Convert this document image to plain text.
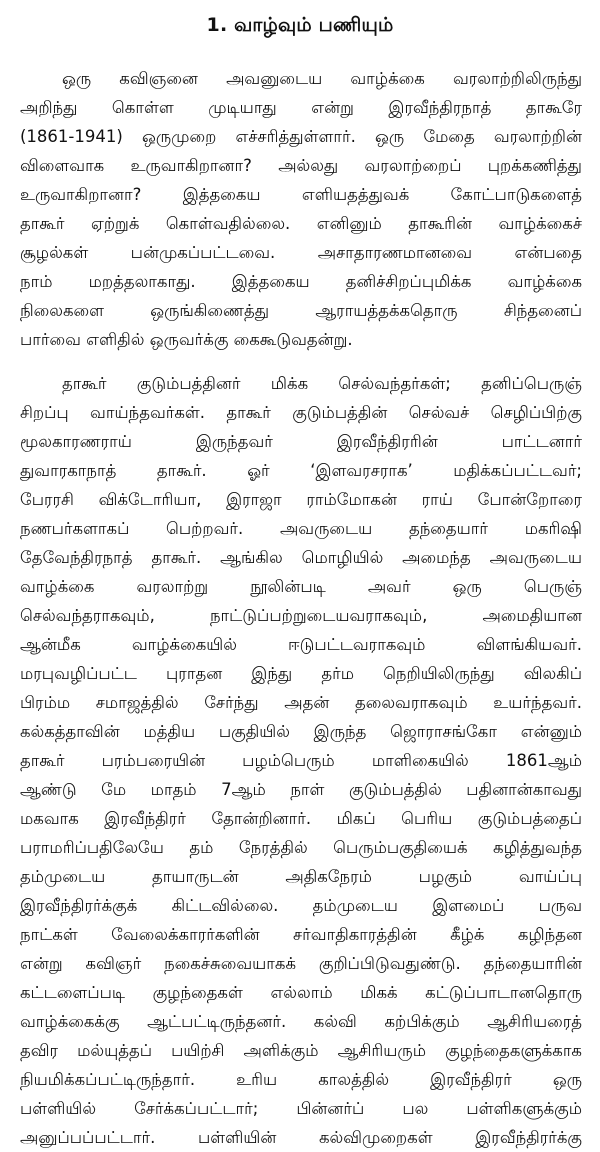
1. வாழ்வும் பணியும்
ஒரு கவிஞனை அவனுடைய வாழ்க்கை வரலாற்றிலிருந்து
அறிந்து கொள்ள முடியாது என்று இரவீந்திரநாத் தாகூரே
(1861-1941) ஒருமுறை எச்சரித்துள்ளார். ஒரு மேதை வரலாற்றின்
விளைவாக உருவாகிறானா? அல்லது வரலாற்றைப் புறக்கணித்து
உருவாகிறானா? இத்தகைய எளியதத்துவக் கோட்பாடுகளைத்
தாகூர் ஏற்றுக் கொள்வதில்லை. எனினும் தாகூரின் வாழ்க்கைச்
சூழல்கள் பன்முகப்பட்டவை. அசாதாரணமானவை என்பதை
நாம் மறத்தலாகாது. இத்தகைய தனிச்சிறப்புமிக்க வாழ்க்கை
நிலைகளை ஒருங்கிணைத்து ஆராயத்தக்கதொரு சிந்தனைப்
பார்வை எளிதில் ஒருவர்க்கு கைகூடுவதன்று.
தாகூர் குடும்பத்தினர் மிக்க செல்வந்தர்கள்; தனிப்பெருஞ்
சிறப்பு வாய்ந்தவர்கள். தாகூர் குடும்பத்தின் செல்வச் செழிப்பிற்கு
மூலகாரணராய் இருந்தவர் இரவீந்திரரின் பாட்டனார்
துவாரகாநாத் தாகூர். ஓர் ‘இளவரசராக’ மதிக்கப்பட்டவர்;
பேரரசி விக்டோரியா, இராஜா ராம்மோகன் ராய் போன்றோரை
நணபர்களாகப் பெற்றவர். அவருடைய தந்தையார் மகரிஷி
தேவேந்திரநாத் தாகூர். ஆங்கில மொழியில் அமைந்த அவருடைய
வாழ்க்கை வரலாற்று நூலின்படி அவர் ஒரு பெருஞ்
செல்வந்தராகவும், நாட்டுப்பற்றுடையவராகவும், அமைதியான
ஆன்மீக வாழ்க்கையில் ஈடுபட்டவராகவும் விளங்கியவர்.
மரபுவழிப்பட்ட புராதன இந்து தர்ம நெறியிலிருந்து விலகிப்
பிரம்ம சமாஜத்தில் சேர்ந்து அதன் தலைவராகவும் உயர்ந்தவர்.
கல்கத்தாவின் மத்திய பகுதியில் இருந்த ஜொராசங்கோ என்னும்
தாகூர் பரம்பரையின் பழம்பெரும் மாளிகையில் 1861ஆம்
ஆண்டு மே மாதம் 7ஆம் நாள் குடும்பத்தில் பதினான்காவது
மகவாக இரவீந்திரர் தோன்றினார். மிகப் பெரிய குடும்பத்தைப்
பராமரிப்பதிலேயே தம் நேரத்தில் பெரும்பகுதியைக் கழித்துவந்த
தம்முடைய தாயாருடன் அதிகநேரம் பழகும் வாய்ப்பு
இரவீந்திரர்க்குக் கிட்டவில்லை. தம்முடைய இளமைப் பருவ
நாட்கள் வேலைக்காரர்களின் சர்வாதிகாரத்தின் கீழ்க் கழிந்தன
என்று கவிஞர் நகைச்சுவையாகக் குறிப்பிடுவதுண்டு. தந்தையாரின்
கட்டளைப்படி குழந்தைகள் எல்லாம் மிகக் கட்டுப்பாடானதொரு
வாழ்க்கைக்கு ஆட்பட்டிருந்தனர். கல்வி கற்பிக்கும் ஆசிரியரைத்
தவிர மல்யுத்தப் பயிற்சி அளிக்கும் ஆசிரியரும் குழந்தைகளுக்காக
நியமிக்கப்பட்டிருந்தார். உரிய காலத்தில் இரவீந்திரர் ஒரு
பள்ளியில் சேர்க்கப்பட்டார்; பின்னர்ப் பல பள்ளிகளுக்கும்
அனுப்பப்பட்டார். பள்ளியின் கல்விமுறைகள் இரவீந்திரர்க்கு
